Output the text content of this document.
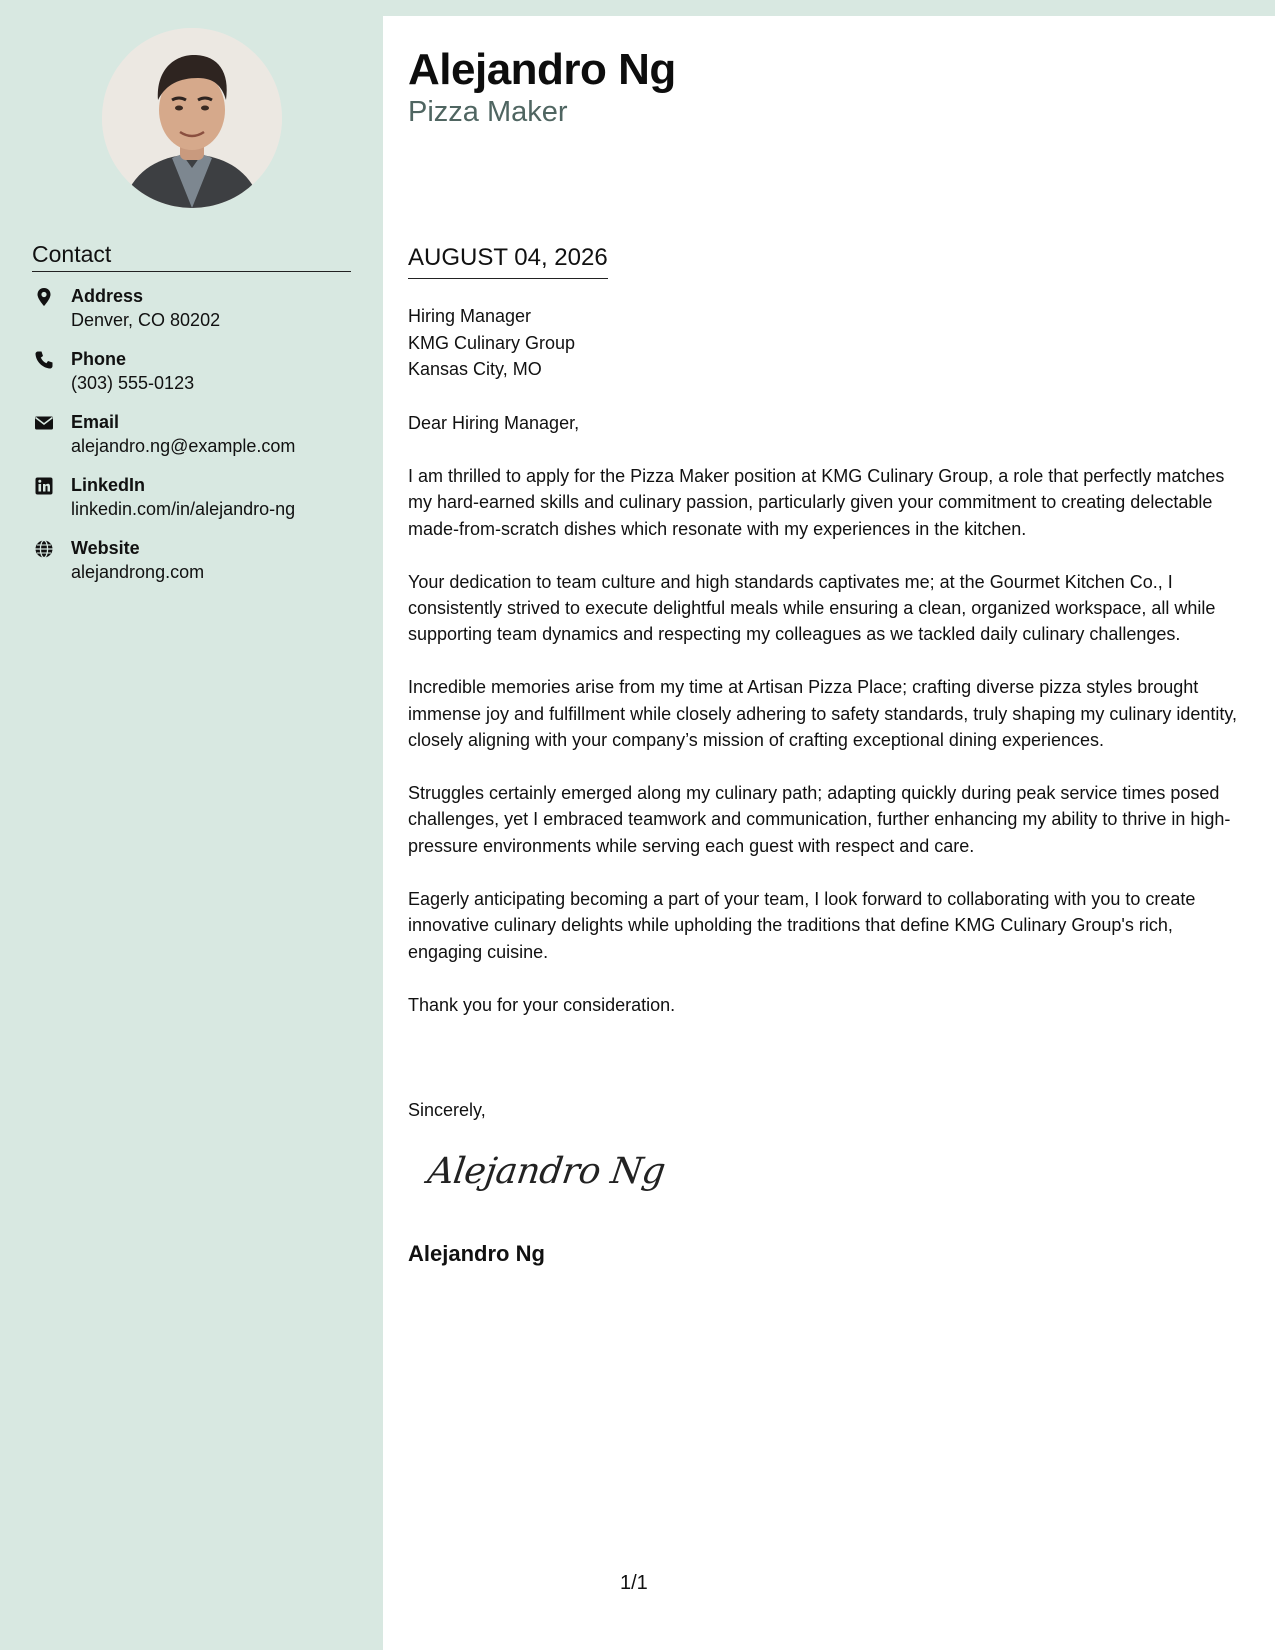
Contact
Address
Denver, CO 80202
Phone
(303) 555-0123
Email
alejandro.ng@example.com
LinkedIn
linkedin.com/in/alejandro-ng
Website
alejandrong.com
Alejandro Ng
Pizza Maker
AUGUST 04, 2026
Hiring Manager
KMG Culinary Group
Kansas City, MO

Dear Hiring Manager,

I am thrilled to apply for the Pizza Maker position at KMG Culinary Group, a role that perfectly matches my hard-earned skills and culinary passion, particularly given your commitment to creating delectable made-from-scratch dishes which resonate with my experiences in the kitchen.

Your dedication to team culture and high standards captivates me; at the Gourmet Kitchen Co., I consistently strived to execute delightful meals while ensuring a clean, organized workspace, all while supporting team dynamics and respecting my colleagues as we tackled daily culinary challenges.

Incredible memories arise from my time at Artisan Pizza Place; crafting diverse pizza styles brought immense joy and fulfillment while closely adhering to safety standards, truly shaping my culinary identity, closely aligning with your company’s mission of crafting exceptional dining experiences.

Struggles certainly emerged along my culinary path; adapting quickly during peak service times posed challenges, yet I embraced teamwork and communication, further enhancing my ability to thrive in high-pressure environments while serving each guest with respect and care.

Eagerly anticipating becoming a part of your team, I look forward to collaborating with you to create innovative culinary delights while upholding the traditions that define KMG Culinary Group's rich, engaging cuisine.

Thank you for your consideration.

Sincerely,
Alejandro Ng
Alejandro Ng
1/1
